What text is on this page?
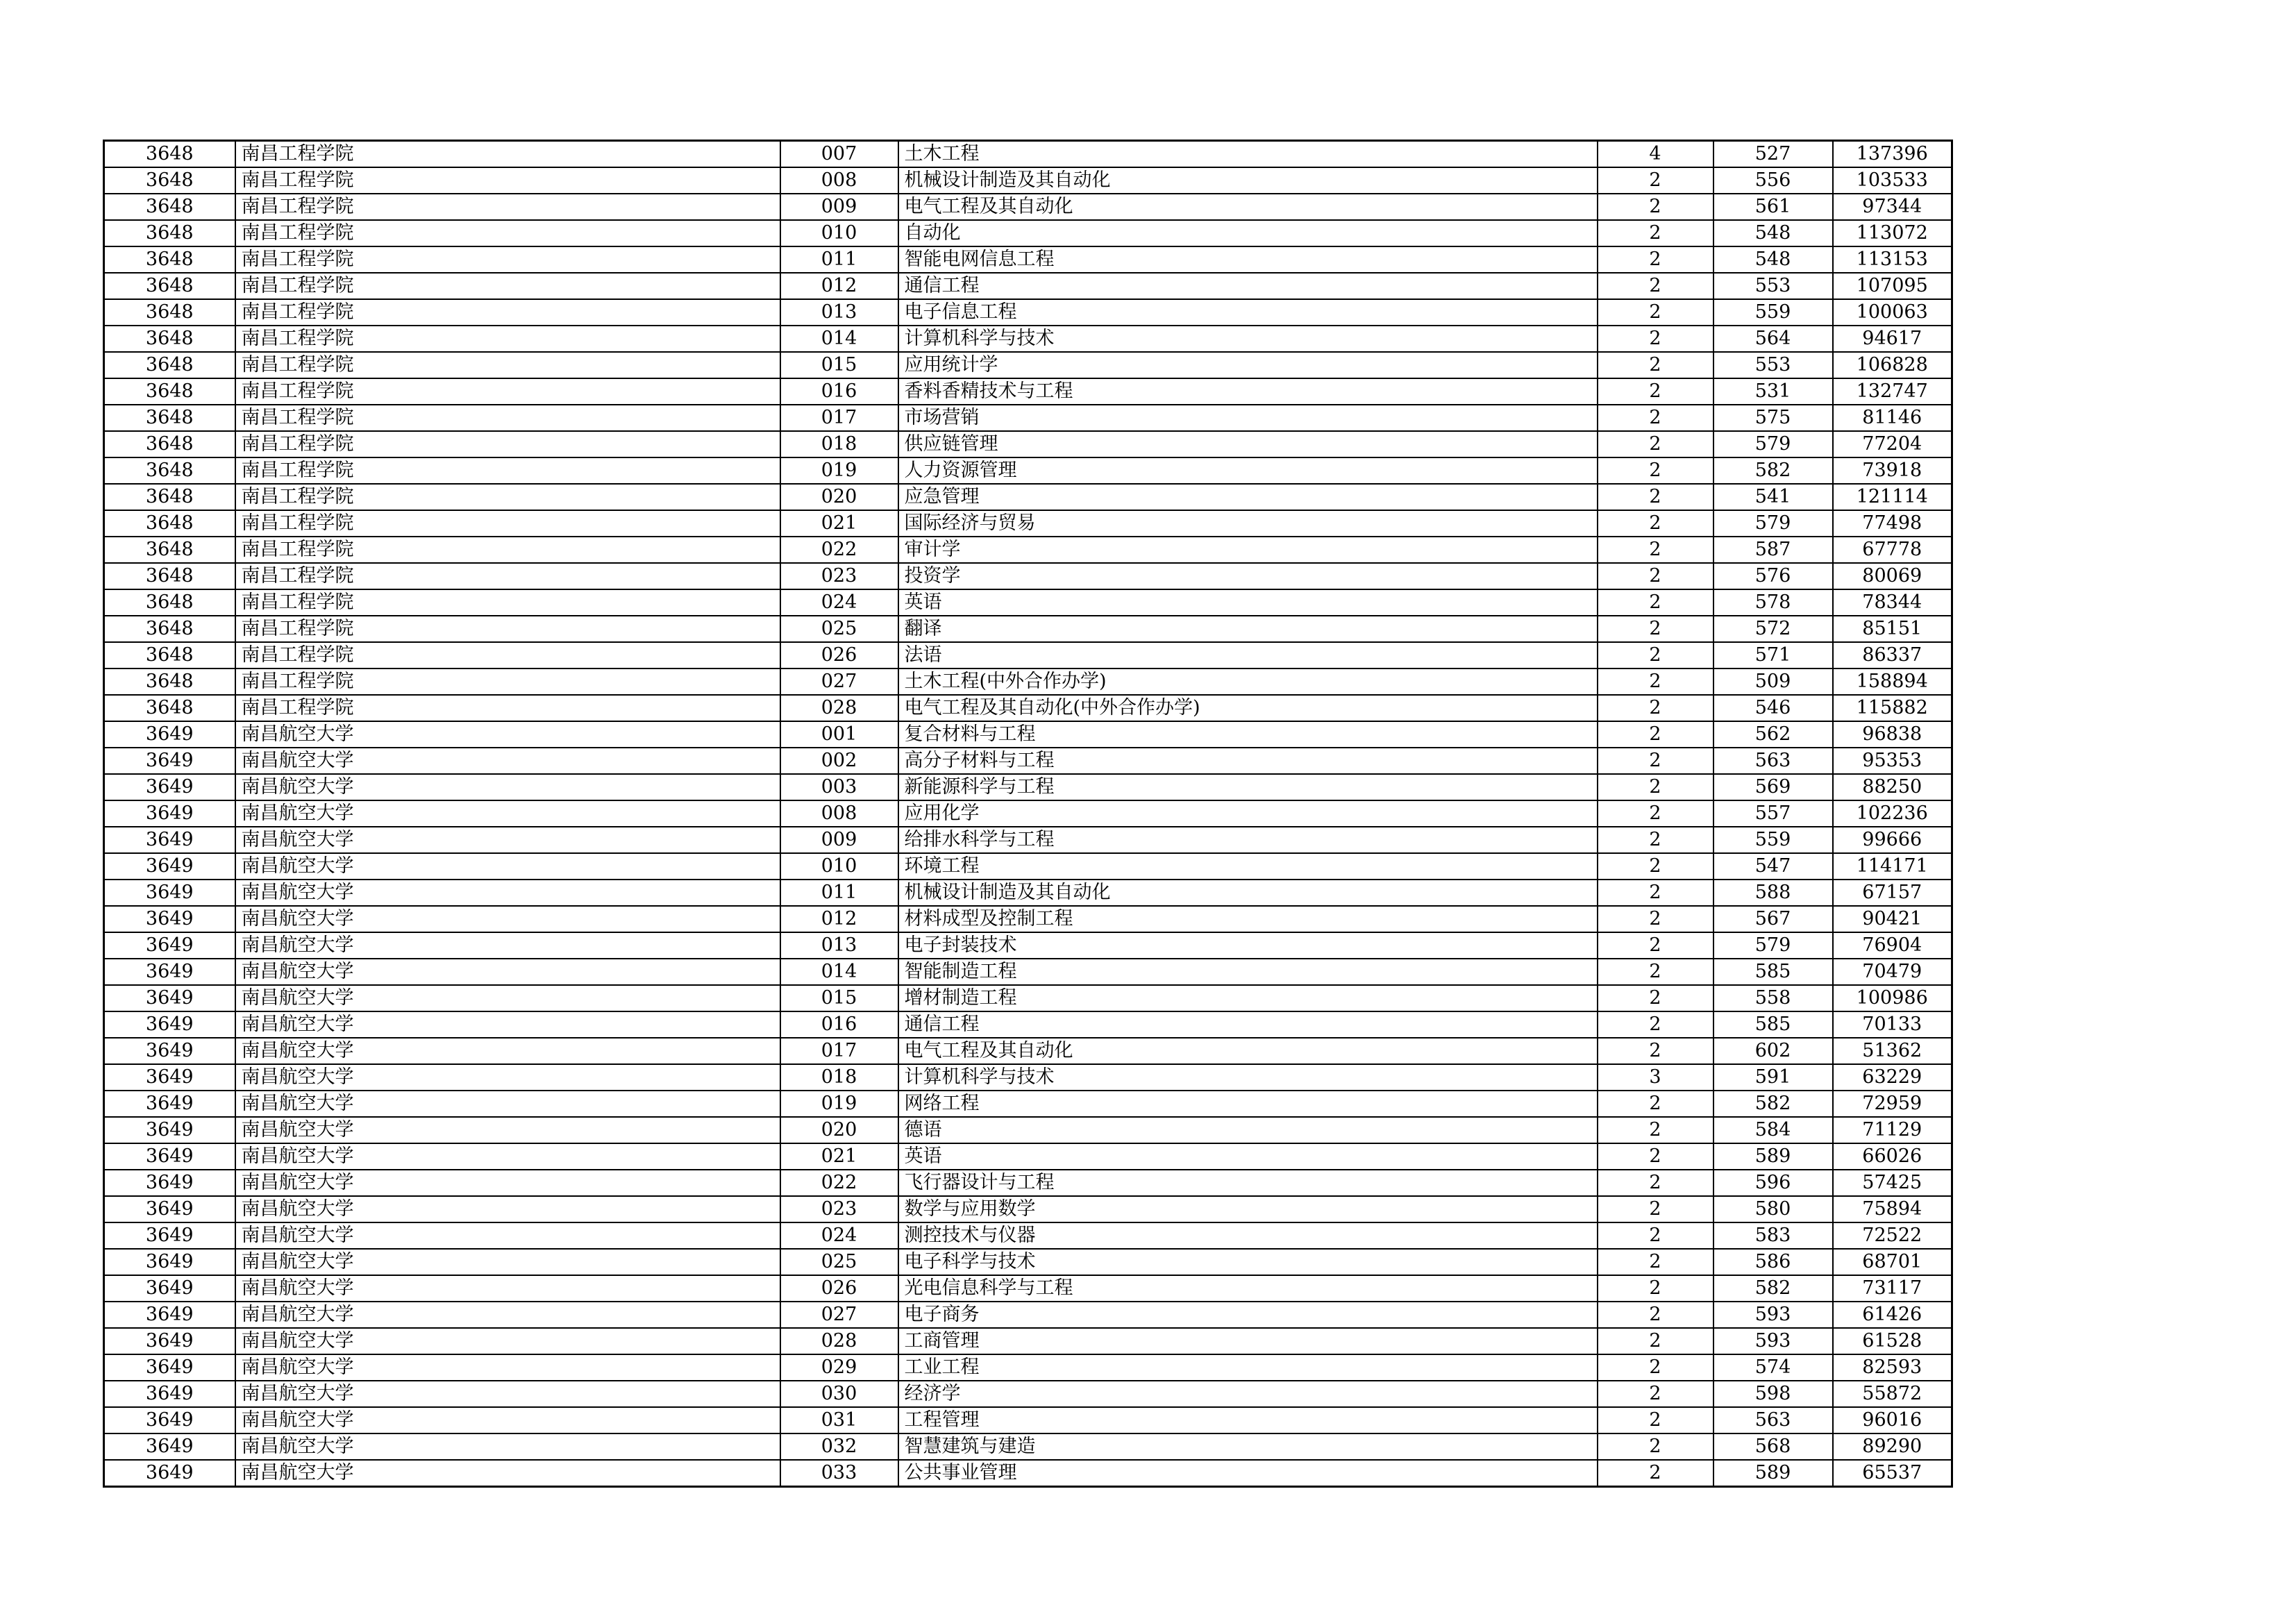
3648	南昌工程学院	007	土木工程	4	527	137396
3648	南昌工程学院	008	机械设计制造及其自动化	2	556	103533
3648	南昌工程学院	009	电气工程及其自动化	2	561	97344
3648	南昌工程学院	010	自动化	2	548	113072
3648	南昌工程学院	011	智能电网信息工程	2	548	113153
3648	南昌工程学院	012	通信工程	2	553	107095
3648	南昌工程学院	013	电子信息工程	2	559	100063
3648	南昌工程学院	014	计算机科学与技术	2	564	94617
3648	南昌工程学院	015	应用统计学	2	553	106828
3648	南昌工程学院	016	香料香精技术与工程	2	531	132747
3648	南昌工程学院	017	市场营销	2	575	81146
3648	南昌工程学院	018	供应链管理	2	579	77204
3648	南昌工程学院	019	人力资源管理	2	582	73918
3648	南昌工程学院	020	应急管理	2	541	121114
3648	南昌工程学院	021	国际经济与贸易	2	579	77498
3648	南昌工程学院	022	审计学	2	587	67778
3648	南昌工程学院	023	投资学	2	576	80069
3648	南昌工程学院	024	英语	2	578	78344
3648	南昌工程学院	025	翻译	2	572	85151
3648	南昌工程学院	026	法语	2	571	86337
3648	南昌工程学院	027	土木工程(中外合作办学)	2	509	158894
3648	南昌工程学院	028	电气工程及其自动化(中外合作办学)	2	546	115882
3649	南昌航空大学	001	复合材料与工程	2	562	96838
3649	南昌航空大学	002	高分子材料与工程	2	563	95353
3649	南昌航空大学	003	新能源科学与工程	2	569	88250
3649	南昌航空大学	008	应用化学	2	557	102236
3649	南昌航空大学	009	给排水科学与工程	2	559	99666
3649	南昌航空大学	010	环境工程	2	547	114171
3649	南昌航空大学	011	机械设计制造及其自动化	2	588	67157
3649	南昌航空大学	012	材料成型及控制工程	2	567	90421
3649	南昌航空大学	013	电子封装技术	2	579	76904
3649	南昌航空大学	014	智能制造工程	2	585	70479
3649	南昌航空大学	015	增材制造工程	2	558	100986
3649	南昌航空大学	016	通信工程	2	585	70133
3649	南昌航空大学	017	电气工程及其自动化	2	602	51362
3649	南昌航空大学	018	计算机科学与技术	3	591	63229
3649	南昌航空大学	019	网络工程	2	582	72959
3649	南昌航空大学	020	德语	2	584	71129
3649	南昌航空大学	021	英语	2	589	66026
3649	南昌航空大学	022	飞行器设计与工程	2	596	57425
3649	南昌航空大学	023	数学与应用数学	2	580	75894
3649	南昌航空大学	024	测控技术与仪器	2	583	72522
3649	南昌航空大学	025	电子科学与技术	2	586	68701
3649	南昌航空大学	026	光电信息科学与工程	2	582	73117
3649	南昌航空大学	027	电子商务	2	593	61426
3649	南昌航空大学	028	工商管理	2	593	61528
3649	南昌航空大学	029	工业工程	2	574	82593
3649	南昌航空大学	030	经济学	2	598	55872
3649	南昌航空大学	031	工程管理	2	563	96016
3649	南昌航空大学	032	智慧建筑与建造	2	568	89290
3649	南昌航空大学	033	公共事业管理	2	589	65537
